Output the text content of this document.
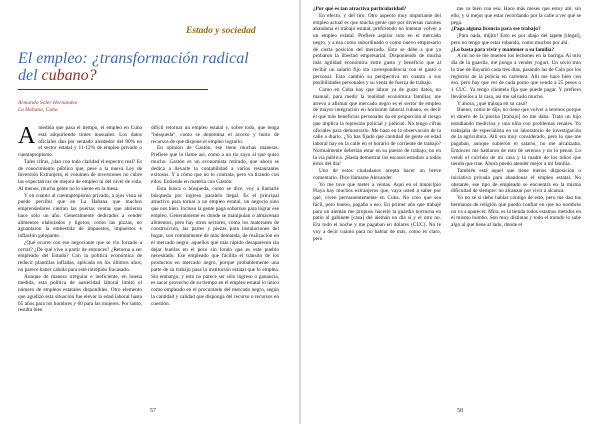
Estado y sociedad
El empleo: ¿transformación radical del cubano?
Armando Soler Hernández
La Habana, Cuba

Amedida que pasa el tiempo, el empleo en Cuba está adquiriendo tintes inusuales. Los datos oficiales dan por sentado alrededor del 80% en el sector estatal y 11-12% de empleo privado o cuentapropismo.

Tales cifras, ¿dan con toda claridad el espectro real? Es de conocimiento público que, pese a la nueva Ley de Inversión Extranjera, el volumen de inversiones no cubre las expectativas de mejora de empleo ni del nivel de vida. Al menos, mucha gente no lo siente en la mesa.

Y en cuanto al cuentapropismo privado, a ojos vista se puede percibir que en La Habana que muchos emprendedores cierran las puertas ventas que abrieron hace sólo un año. Generalmente dedicados a vender alimentos elaborados y ligeros, como las pizzas, no aguantaron la embestida de impuestos, impuestos e inflación galopante.

¿Qué ocurre con ese negociante que se vio forzado a cerrar? ¿De qué vive a partir de entonces? ¿Retorna a ser empleado del Estado? Con la política económica de reducir plantillas infladas, aplicada en los últimos años, no parece haber cabida para este intrépido fracasado.

Aunque de manera irregular e ineficiente, en buena medida, esta política de austeridad laboral limitó el número de empleos estatales disponibles. Otro elemento que agudizó esta situación fue elevar la edad laboral hasta 65 años para los hombres y 60 para las mujeres. Por tanto, resulta bien

difícil retornar un empleo estatal y, sobre todo, que tenga "búsqueda", como se denomina el acceso y hurto de recursos de que dispone el empleo lograrlo.

En opinión de Gastón, ese tiene muchas maneras. Prefiere que lo llame así, como a un tío suyo al que quiso mucho. Gastón es un economista retirado, que ahora se dedica a llevarle la contabilidad a varios restaurantes exitosos. Y a cómo que no lo contrata, pero va tirando con ellos. Entiende en materia con Gastón.

Esta busca o búsqueda, como se dice, voy a llamarle búsqueda por ingreso paralelo ilegal. Es el principal atractivo para tornar a un empleo estatal, un negocio sino que nos bien. Incluso la gente paga sobornos para lograr ese empleo. Generalmente es donde se manipulan o almacenan alimentos, pero hay otros sectores, como los materiales de construcción, las partes y piezas para instalaciones del hogar, son comúnmente de más demanda, de realización en el mercado negro, aquellos que más rápido desaparecen sin dejar huellas en el peso sin fondo que es este pueblo necesitado. Ese empleado que facilita el tránsito de los productos en mercado negro, porque probablemente una parte de su trabajo pasa la institución estatal que lo emplea. Sin embargo, y esto no parece ser sólo ingreso o ganancia, es sacar provecho de su tiempo en el empleo estatal lo único como empleado en el procurando del mercado negro, según la cantidad y calidad que disponga del recurso o recursos en cuestión.

57

¿Por qué es tan atractiva particularidad?

En efecto, y del tiro. Otro aspecto muy importante del empleo actual es que mucha gente que por diversas razones abandona el trabajo estatal, prefiriendo no intentar volver a un empleo estatal. Prefiere aspirar solo en el mercado negro, y a esa como subordinado o como nuevo empresario de cierta posición del mercado. Esto se debe a que ya probaron la libertad empresarial. Disponiendo de mucha más agilidad económica entre gasto y beneficio que al recibir un salario fijo sin correspondencia con el gasto o personal. Esto cambió su perspectiva en cuanto a sus posibilidades personales y su venta de fuerza de trabajo.

Como en Cuba hay que labrar ya de gusto datos, no manual, para medir la realidad económica familiar, me atrevo a afirmar que mercado negro es el sector de empleo de mayor integración en horizonte laboral cubano, es decir el que más beneficios personales da en proporción al riesgo que implica la represión policial y judicial. No tengo cifras oficiales para demostrarlo. Me baso en la observación de la calle a diario. ¿Yo has fijado qué cantidad de gente en edad laboral hay en la calle en el horario de corriente de trabajo? Normalmente deberían estar en su puesto de trabajo, no en la vía pública. ¡Hasta demostrar los escasos estudios a todos éstos del día!

Uno de estos ciudadanos acepta hacer un breve comentario. Dice llamarse Alexander.

Yo me tuve que meter a ventas. Aquí en el municipio Playa hay muchos extranjeros que, vaya usted a saber por qué, viven permanentemente en Cuba. No creo que sea fácil, pero bueno, pagaba a eso. En primer año que trabajé para un alemán me propuso hacerle la guardia nocturna en patio al gabinete [casa] del alemán un día sí y el otro no. Era todo el noche y me pagaban en dólares (CUC). No te voy a decir cuánto para no hablar de más, como es claro, pero

me va bien con eso. Hace más meses que estoy ahí, sin ello, y si mejor que estar recordando por la calle a ver qué se pega.

¿Paga alguna licencia para ese trabajo?

¡Para nada, mijito! Esto es por abajo del tapete [ilegal], pero no tengo que estar robando, como muchos por ahí.

¿Lo basta para vivir y mantener a su familia?

A mí no se me mueren los lechones en la barriga. Al otro día de la guardia, me pongo a vender yogurt. Un socio mío lo trae de Bayamó cada tres días, pasando las de Caín por los registros de la policía en carretera. Allí me hace bien con eso, pero hay que ver de cada pomo que vendo a 25 pesos o 1 CUC. Ya tengo clientela fija que puede pagar. Y prefiero llevárselos a la casa, así me salvado mucho.

Y ahora, ¿qué trabaja en su casa?

Bueno, como te dije, no tiene que volver a serenos porque el dinero de la pincha [trabajo] no me daba. Trato un hijo estudiando medicina y una niña con problemas renales. Yo trabajaba de especialista en un laboratorio de investigación de la agricultura. Allí era muy considerado, pero lo que me pagaban, aunque subieron el salario, no me alcanzaba. Entonces me hablaron de esto de serenos y no lo pensé. Lo vendí el colchón de mi casa y la madre de los niños que tienda que trae. Ahora puedo atender mejor a mi familia.

También está aquel que tiene menos disposición o iniciativa privada para abandonar el empleo estatal. No obstante, ese tipo de empleado se encuentra en la misma dificultad de siempre: no alcanzar por vivir a alcanza.

Yo no sé si debo hablar contigo de esto, pero me dan tus hermanos de religión que puedo confiar en que no nombres no va a aparecer. Mira, es la tienda todos estamos metidos en el mismo bombo. Son muy distintas y todo el mundo lo sabe algo al que tiene al lado, donde el

58
